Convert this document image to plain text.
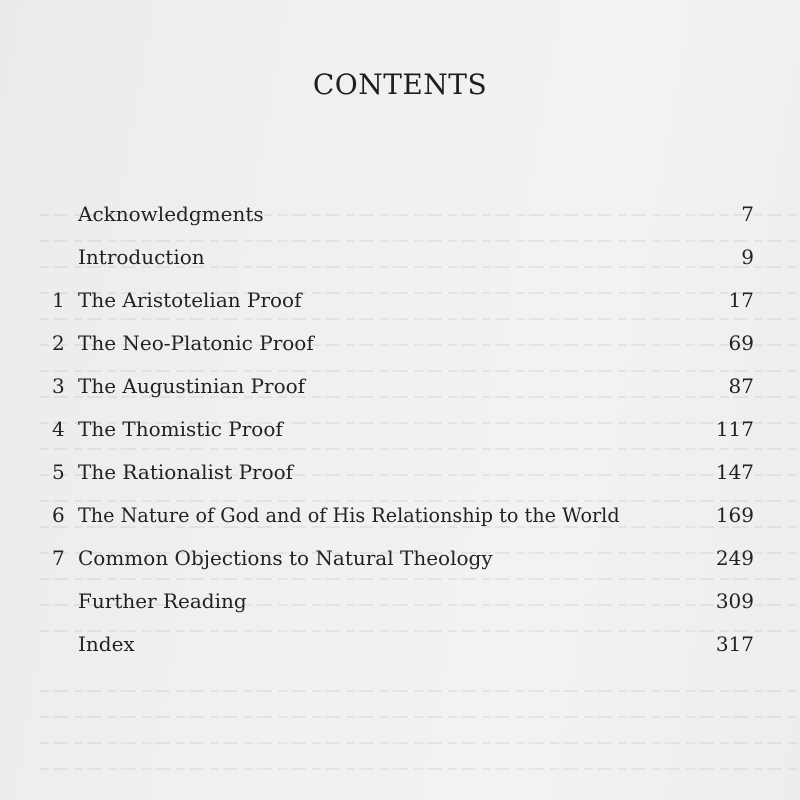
CONTENTS
Acknowledgments	7
Introduction	9
1 The Aristotelian Proof	17
2 The Neo-Platonic Proof	69
3 The Augustinian Proof	87
4 The Thomistic Proof	117
5 The Rationalist Proof	147
6 The Nature of God and of His Relationship to the World	169
7 Common Objections to Natural Theology	249
Further Reading	309
Index	317
